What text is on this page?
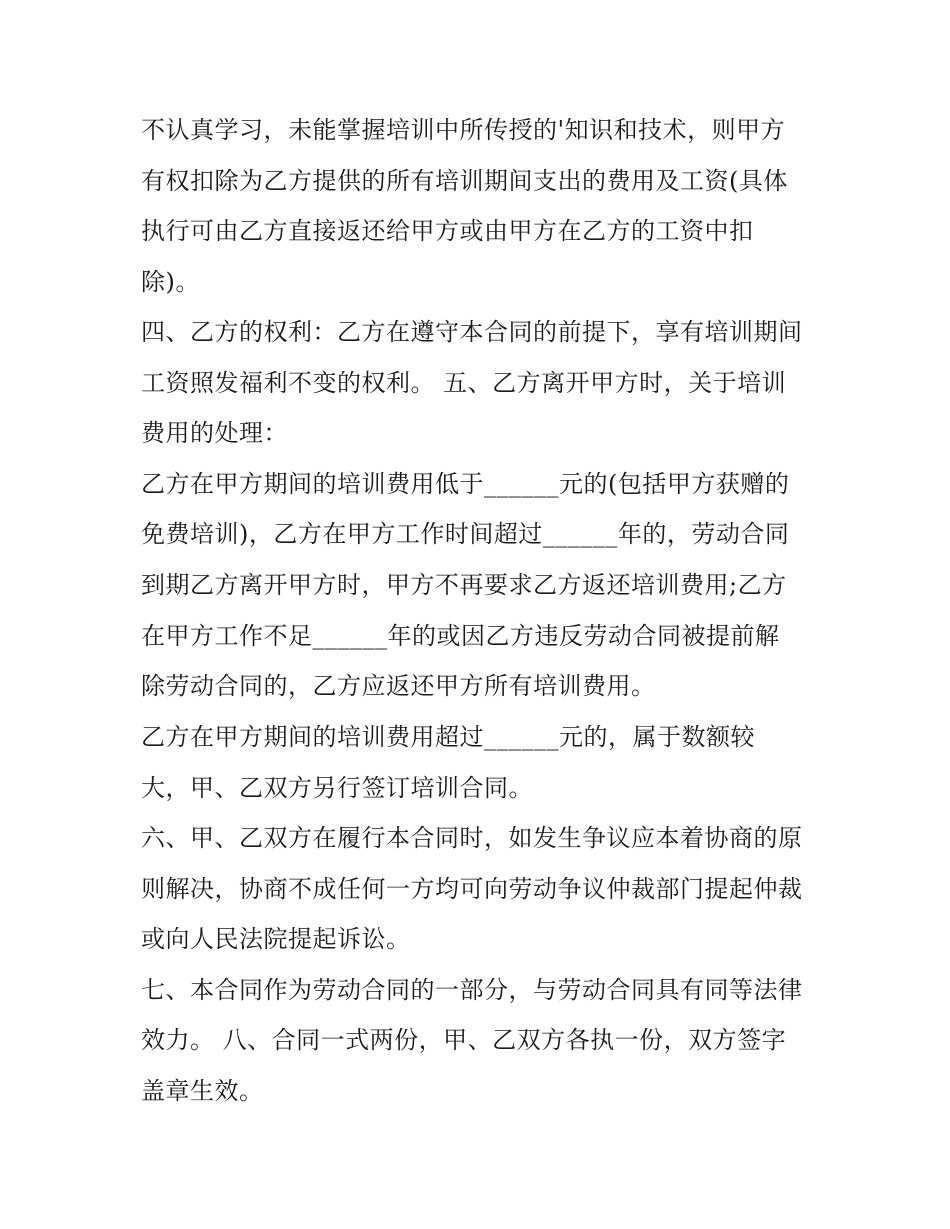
不认真学习，未能掌握培训中所传授的'知识和技术，则甲方
有权扣除为乙方提供的所有培训期间支出的费用及工资(具体
执行可由乙方直接返还给甲方或由甲方在乙方的工资中扣
除)。
四、乙方的权利：乙方在遵守本合同的前提下，享有培训期间
工资照发福利不变的权利。 五、乙方离开甲方时，关于培训
费用的处理：
乙方在甲方期间的培训费用低于______元的(包括甲方获赠的
免费培训)，乙方在甲方工作时间超过______年的，劳动合同
到期乙方离开甲方时，甲方不再要求乙方返还培训费用;乙方
在甲方工作不足______年的或因乙方违反劳动合同被提前解
除劳动合同的，乙方应返还甲方所有培训费用。
乙方在甲方期间的培训费用超过______元的，属于数额较
大，甲、乙双方另行签订培训合同。
六、甲、乙双方在履行本合同时，如发生争议应本着协商的原
则解决，协商不成任何一方均可向劳动争议仲裁部门提起仲裁
或向人民法院提起诉讼。
七、本合同作为劳动合同的一部分，与劳动合同具有同等法律
效力。 八、合同一式两份，甲、乙双方各执一份，双方签字
盖章生效。
